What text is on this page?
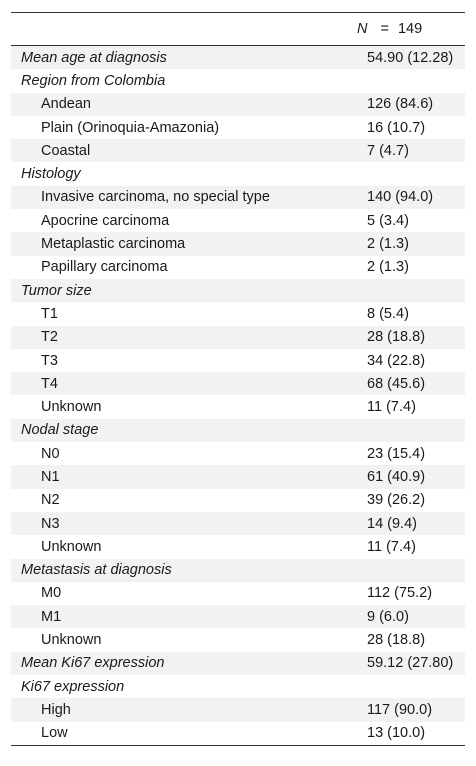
	N = 149
Mean age at diagnosis	54.90 (12.28)
Region from Colombia	
Andean	126 (84.6)
Plain (Orinoquia-Amazonia)	16 (10.7)
Coastal	7 (4.7)
Histology	
Invasive carcinoma, no special type	140 (94.0)
Apocrine carcinoma	5 (3.4)
Metaplastic carcinoma	2 (1.3)
Papillary carcinoma	2 (1.3)
Tumor size	
T1	8 (5.4)
T2	28 (18.8)
T3	34 (22.8)
T4	68 (45.6)
Unknown	11 (7.4)
Nodal stage	
N0	23 (15.4)
N1	61 (40.9)
N2	39 (26.2)
N3	14 (9.4)
Unknown	11 (7.4)
Metastasis at diagnosis	
M0	112 (75.2)
M1	9 (6.0)
Unknown	28 (18.8)
Mean Ki67 expression	59.12 (27.80)
Ki67 expression	
High	117 (90.0)
Low	13 (10.0)
